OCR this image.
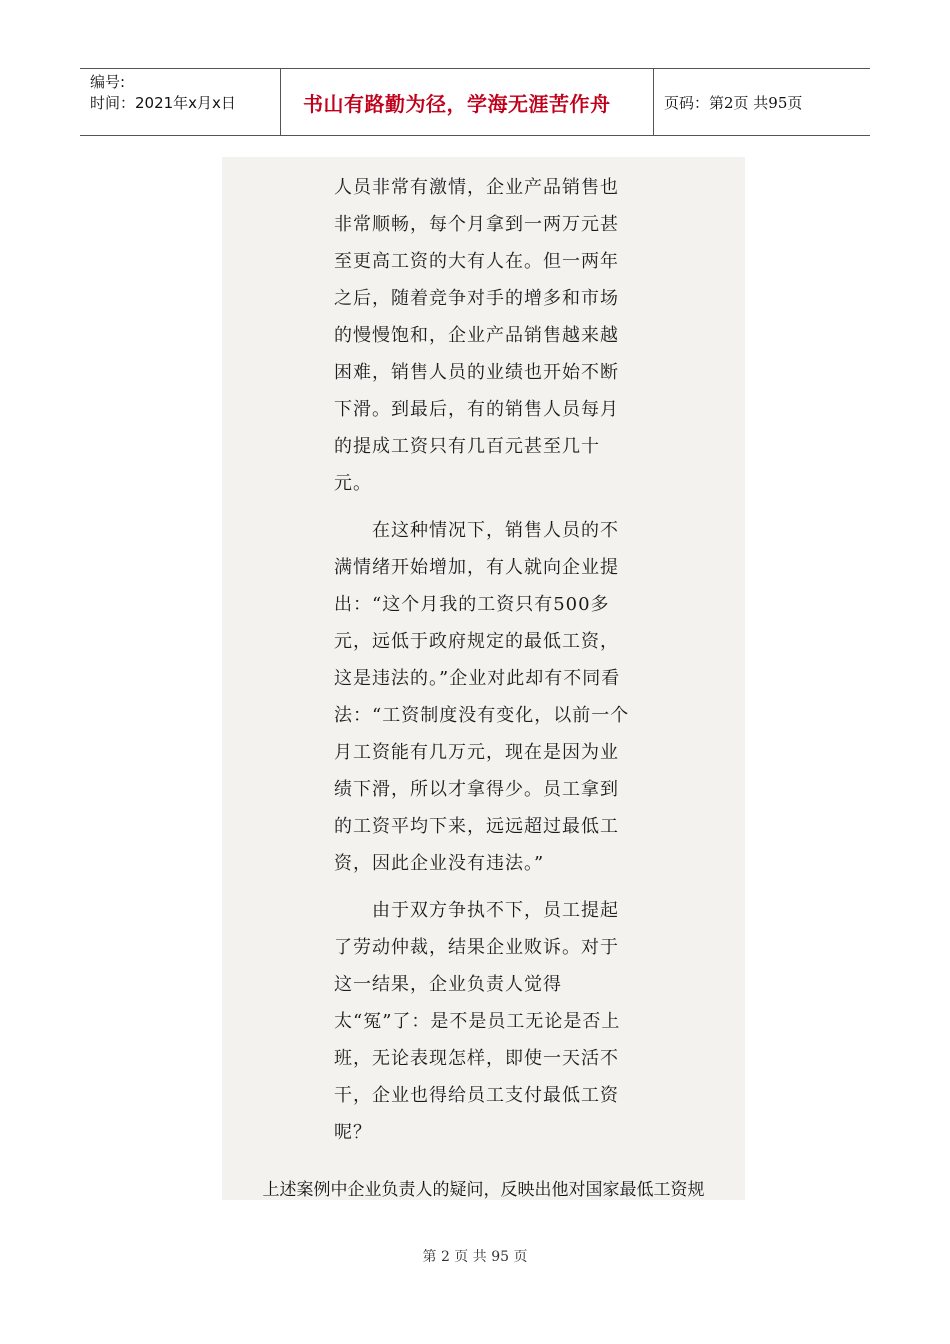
编号:
时间：2021年x月x日	书山有路勤为径，学海无涯苦作舟	页码：第2页 共95页

人员非常有激情，企业产品销售也非常顺畅，每个月拿到一两万元甚至更高工资的大有人在。但一两年之后，随着竞争对手的增多和市场的慢慢饱和，企业产品销售越来越困难，销售人员的业绩也开始不断下滑。到最后，有的销售人员每月的提成工资只有几百元甚至几十元。

在这种情况下，销售人员的不满情绪开始增加，有人就向企业提出：“这个月我的工资只有500多元，远低于政府规定的最低工资，这是违法的。”企业对此却有不同看法：“工资制度没有变化，以前一个月工资能有几万元，现在是因为业绩下滑，所以才拿得少。员工拿到的工资平均下来，远远超过最低工资，因此企业没有违法。”

由于双方争执不下，员工提起了劳动仲裁，结果企业败诉。对于这一结果，企业负责人觉得太“冤”了：是不是员工无论是否上班，无论表现怎样，即使一天活不干，企业也得给员工支付最低工资呢？

上述案例中企业负责人的疑问，反映出他对国家最低工资规
第 2 页 共 95 页
